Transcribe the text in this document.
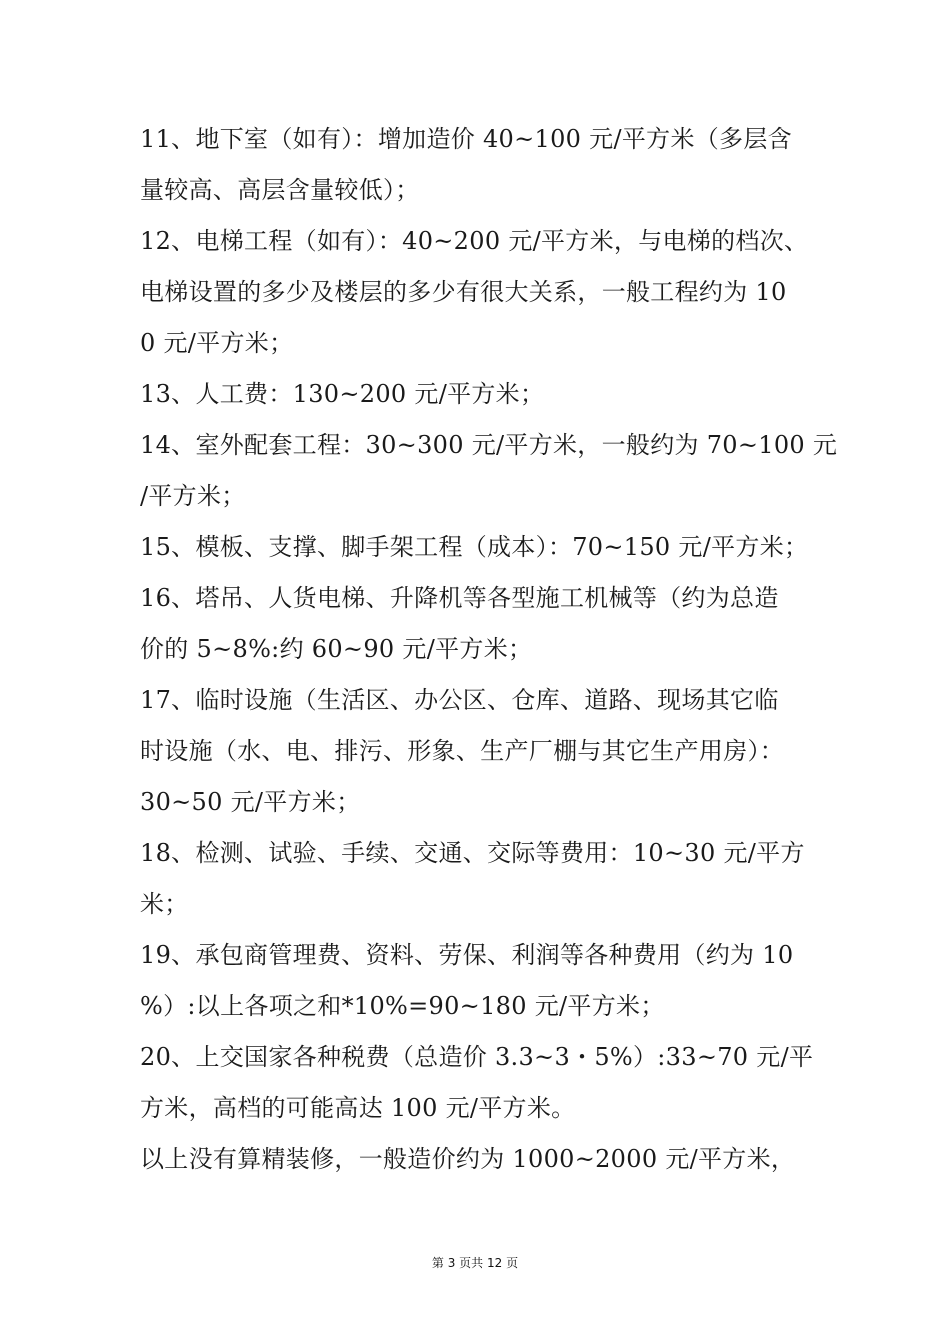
11、地下室（如有）：增加造价 40~100 元/平方米（多层含
量较高、高层含量较低）；

12、电梯工程（如有）：40~200 元/平方米，与电梯的档次、
电梯设置的多少及楼层的多少有很大关系，一般工程约为 10
0 元/平方米；

13、人工费：130~200 元/平方米；

14、室外配套工程：30~300 元/平方米，一般约为 70~100 元
/平方米；

15、模板、支撑、脚手架工程（成本）：70~150 元/平方米；

16、塔吊、人货电梯、升降机等各型施工机械等（约为总造
价的 5~8%:约 60~90 元/平方米；

17、临时设施（生活区、办公区、仓库、道路、现场其它临
时设施（水、电、排污、形象、生产厂棚与其它生产用房）：
30~50 元/平方米；

18、检测、试验、手续、交通、交际等费用：10~30 元/平方
米；

19、承包商管理费、资料、劳保、利润等各种费用（约为 10
%）:以上各项之和*10%=90~180 元/平方米；

20、上交国家各种税费（总造价 3.3~3・5%）:33~70 元/平
方米，高档的可能高达 100 元/平方米。

以上没有算精装修，一般造价约为 1000~2000 元/平方米，

第 3 页共 12 页
